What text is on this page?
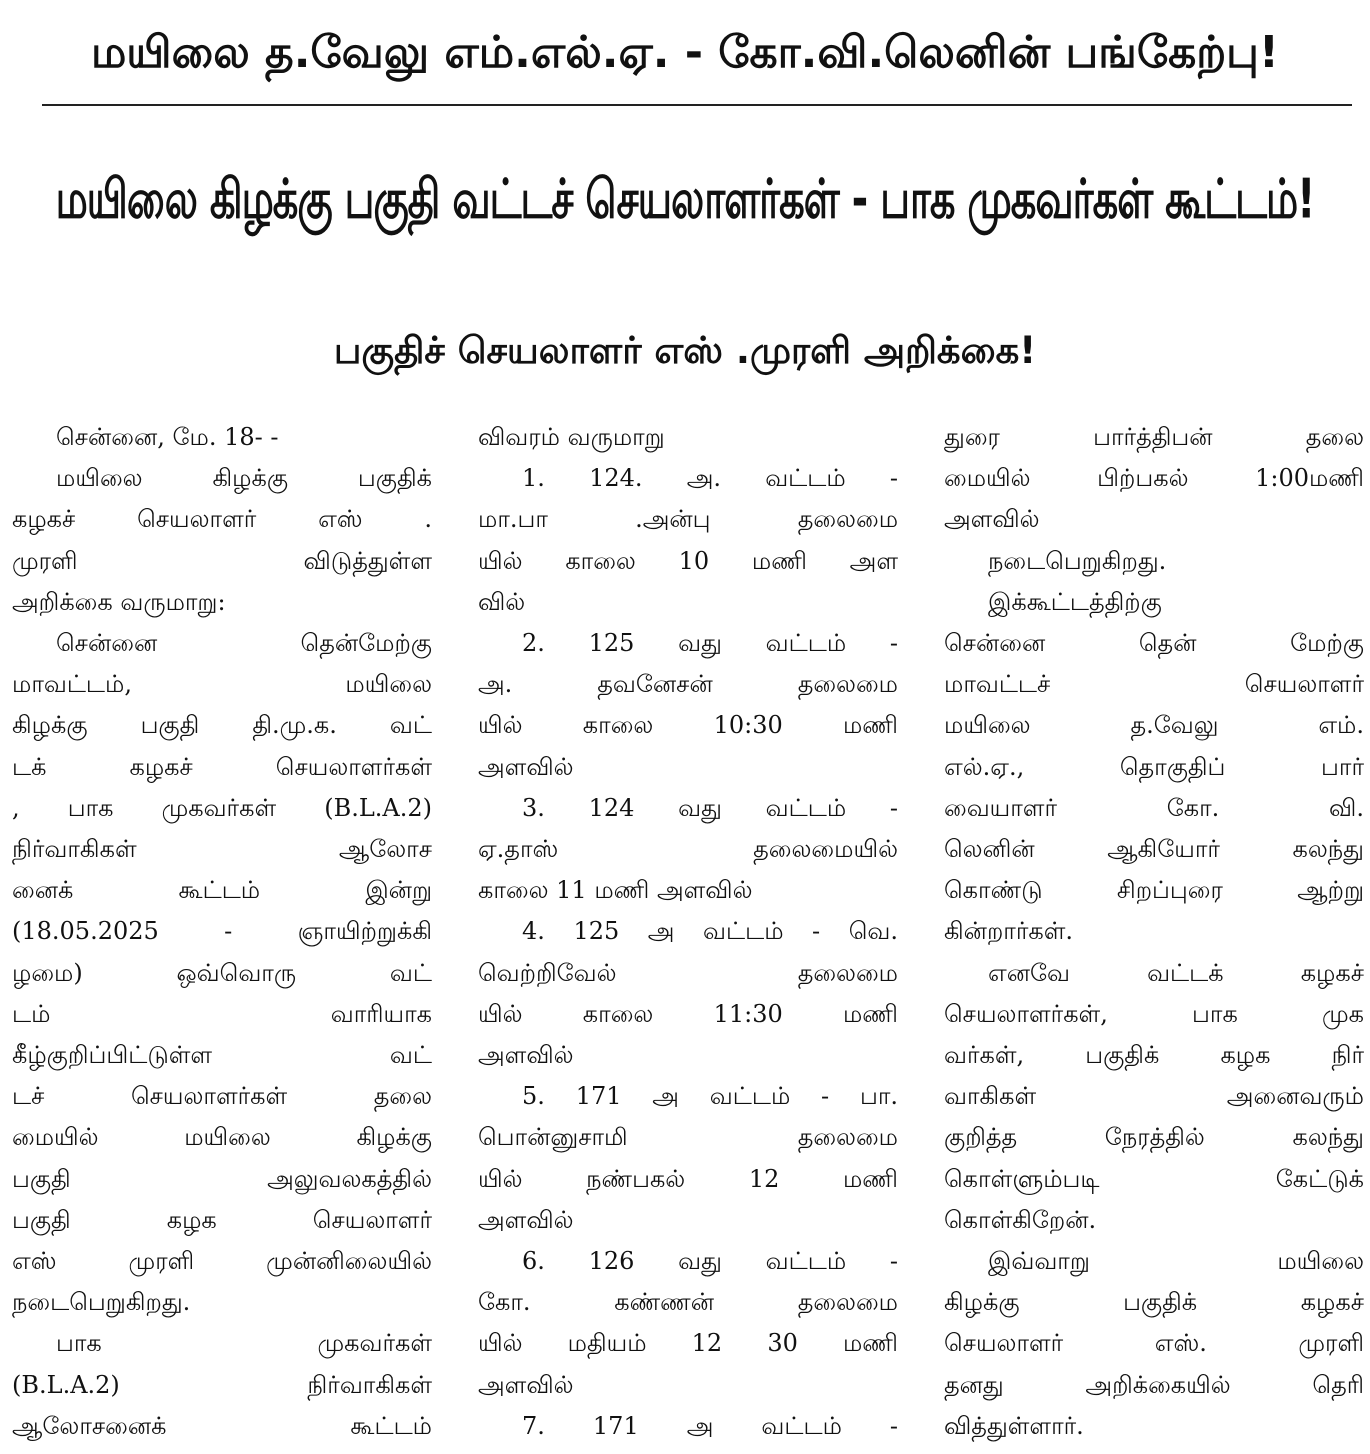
மயிலை த.வேலு எம்.எல்.ஏ. - கோ.வி.லெனின் பங்கேற்பு!
மயிலை கிழக்கு பகுதி வட்டச் செயலாளர்கள் - பாக முகவர்கள் கூட்டம்!
பகுதிச் செயலாளர் எஸ் .முரளி அறிக்கை!

சென்னை, மே. 18- -

மயிலை கிழக்கு பகுதிக்

கழகச் செயலாளர் எஸ் .

முரளி விடுத்துள்ள

அறிக்கை வருமாறு:

சென்னை தென்மேற்கு

மாவட்டம், மயிலை

கிழக்கு பகுதி தி.மு.க. வட்

டக் கழகச் செயலாளர்கள்

, பாக முகவர்கள் (B.L.A.2)

நிர்வாகிகள் ஆலோச

னைக் கூட்டம் இன்று

(18.05.2025 - ஞாயிற்றுக்கி

ழமை) ஒவ்வொரு வட்

டம் வாரியாக

கீழ்குறிப்பிட்டுள்ள வட்

டச் செயலாளர்கள் தலை

மையில் மயிலை கிழக்கு

பகுதி அலுவலகத்தில்

பகுதி கழக செயலாளர்

எஸ் முரளி முன்னிலையில்

நடைபெறுகிறது.

பாக முகவர்கள்

(B.L.A.2) நிர்வாகிகள்

ஆலோசனைக் கூட்டம்

விவரம் வருமாறு

1. 124. அ. வட்டம் -

மா.பா .அன்பு தலைமை

யில் காலை 10 மணி அள

வில்

2. 125 வது வட்டம் -

அ. தவனேசன் தலைமை

யில் காலை 10:30 மணி

அளவில்

3. 124 வது வட்டம் -

ஏ.தாஸ் தலைமையில்

காலை 11 மணி அளவில்

4. 125 அ வட்டம் - வெ.

வெற்றிவேல் தலைமை

யில் காலை 11:30 மணி

அளவில்

5. 171 அ வட்டம் - பா.

பொன்னுசாமி தலைமை

யில் நண்பகல் 12 மணி

அளவில்

6. 126 வது வட்டம் -

கோ. கண்ணன் தலைமை

யில் மதியம் 12 30 மணி

அளவில்

7. 171 அ வட்டம் -

துரை பார்த்திபன் தலை

மையில் பிற்பகல் 1:00மணி

அளவில்

நடைபெறுகிறது.

இக்கூட்டத்திற்கு

சென்னை தென் மேற்கு

மாவட்டச் செயலாளர்

மயிலை த.வேலு எம்.

எல்.ஏ., தொகுதிப் பார்

வையாளர் கோ. வி.

லெனின் ஆகியோர் கலந்து

கொண்டு சிறப்புரை ஆற்று

கின்றார்கள்.

எனவே வட்டக் கழகச்

செயலாளர்கள், பாக முக

வர்கள், பகுதிக் கழக நிர்

வாகிகள் அனைவரும்

குறித்த நேரத்தில் கலந்து

கொள்ளும்படி கேட்டுக்

கொள்கிறேன்.

இவ்வாறு மயிலை

கிழக்கு பகுதிக் கழகச்

செயலாளர் எஸ். முரளி

தனது அறிக்கையில் தெரி

வித்துள்ளார்.
